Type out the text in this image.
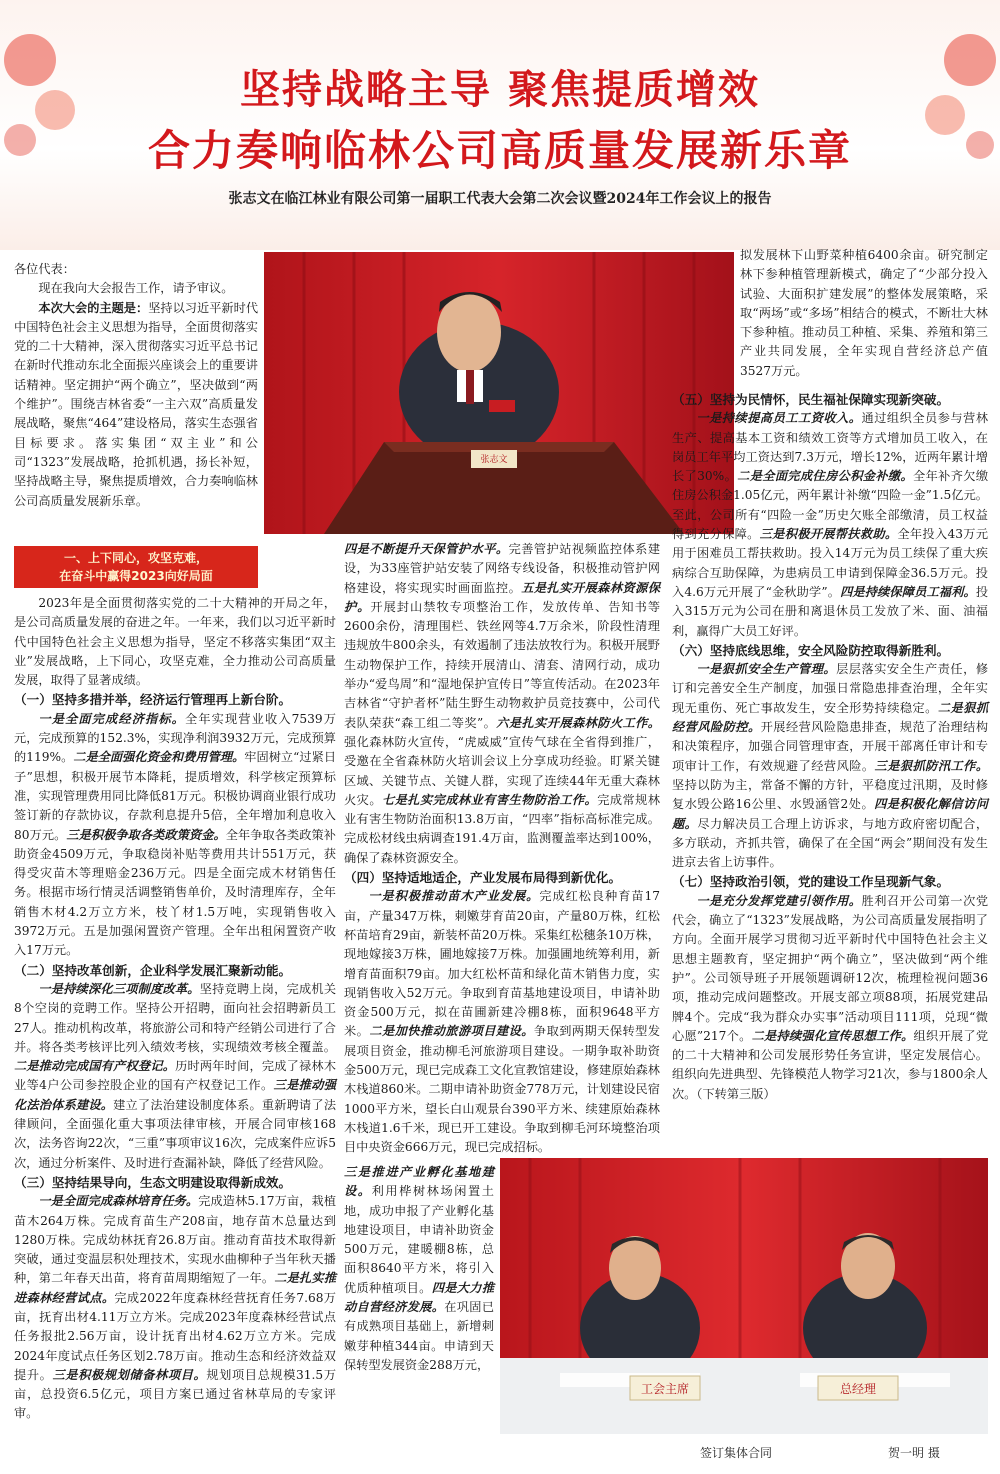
坚持战略主导 聚焦提质增效
合力奏响临林公司高质量发展新乐章
张志文在临江林业有限公司第一届职工代表大会第二次会议暨2024年工作会议上的报告

各位代表：

现在我向大会报告工作，请予审议。

本次大会的主题是：坚持以习近平新时代中国特色社会主义思想为指导，全面贯彻落实党的二十大精神，深入贯彻落实习近平总书记在新时代推动东北全面振兴座谈会上的重要讲话精神。坚定拥护“两个确立”，坚决做到“两个维护”。围绕吉林省委“一主六双”高质量发展战略，聚焦“464”建设格局，落实生态强省目标要求。落实集团“双主业”和公司“1323”发展战略，抢抓机遇，扬长补短，坚持战略主导，聚焦提质增效，合力奏响临林公司高质量发展新乐章。

一、上下同心，攻坚克难，
在奋斗中赢得2023向好局面

2023年是全面贯彻落实党的二十大精神的开局之年，是公司高质量发展的奋进之年。一年来，我们以习近平新时代中国特色社会主义思想为指导，坚定不移落实集团“双主业”发展战略，上下同心，攻坚克难，全力推动公司高质量发展，取得了显著成绩。

（一）坚持多措并举，经济运行管理再上新台阶。

一是全面完成经济指标。全年实现营业收入7539万元，完成预算的152.3%，实现净利润3932万元，完成预算的119%。二是全面强化资金和费用管理。牢固树立“过紧日子”思想，积极开展节本降耗，提质增效，科学核定预算标准，实现管理费用同比降低81万元。积极协调商业银行成功签订新的存款协议，存款利息提升5倍，全年增加利息收入80万元。三是积极争取各类政策资金。全年争取各类政策补助资金4509万元，争取稳岗补贴等费用共计551万元，获得受灾苗木等理赔金236万元。四是全面完成木材销售任务。根据市场行情灵活调整销售单价，及时清理库存，全年销售木材4.2万立方米，枝丫材1.5万吨，实现销售收入3972万元。五是加强闲置资产管理。全年出租闲置资产收入17万元。

（二）坚持改革创新，企业科学发展汇聚新动能。

一是持续深化三项制度改革。坚持竞聘上岗，完成机关8个空岗的竞聘工作。坚持公开招聘，面向社会招聘新员工27人。推动机构改革，将旅游公司和特产经销公司进行了合并。将各类考核评比列入绩效考核，实现绩效考核全覆盖。二是推动完成国有产权登记。历时两年时间，完成了禄林木业等4户公司参控股企业的国有产权登记工作。三是推动强化法治体系建设。建立了法治建设制度体系。重新聘请了法律顾问，全面强化重大事项法律审核，开展合同审核168次，法务咨询22次，“三重”事项审议16次，完成案件应诉5次，通过分析案件、及时进行查漏补缺，降低了经营风险。

（三）坚持结果导向，生态文明建设取得新成效。

一是全面完成森林培育任务。完成造林5.17万亩，栽植苗木264万株。完成育苗生产208亩，地存苗木总量达到1280万株。完成幼林抚育26.8万亩。推动育苗技术取得新突破，通过变温层积处理技术，实现水曲柳种子当年秋天播种，第二年春天出苗，将育苗周期缩短了一年。二是扎实推进森林经营试点。完成2022年度森林经营抚育任务7.68万亩，抚育出材4.11万立方米。完成2023年度森林经营试点任务报批2.56万亩，设计抚育出材4.62万立方米。完成2024年度试点任务区划2.78万亩。推动生态和经济效益双提升。三是积极规划储备林项目。规划项目总规模31.5万亩，总投资6.5亿元，项目方案已通过省林草局的专家评审。

张志文

四是不断提升天保管护水平。完善管护站视频监控体系建设，为33座管护站安装了网络专线设备，积极推动管护网格建设，将实现实时画面监控。五是扎实开展森林资源保护。开展封山禁牧专项整治工作，发放传单、告知书等2600余份，清理围栏、铁丝网等4.7万余米，阶段性清理违规放牛800余头，有效遏制了违法放牧行为。积极开展野生动物保护工作，持续开展清山、清套、清网行动，成功举办“爱鸟周”和“湿地保护宣传日”等宣传活动。在2023年吉林省“守护者杯”陆生野生动物救护员竞技赛中，公司代表队荣获“森工组二等奖”。六是扎实开展森林防火工作。强化森林防火宣传，“虎威威”宣传气球在全省得到推广，受邀在全省森林防火培训会议上分享成功经验。盯紧关键区域、关键节点、关键人群，实现了连续44年无重大森林火灾。七是扎实完成林业有害生物防治工作。完成常规林业有害生物防治面积13.8万亩，“四率”指标高标准完成。完成松材线虫病调查191.4万亩，监测覆盖率达到100%，确保了森林资源安全。

（四）坚持适地适企，产业发展布局得到新优化。

一是积极推动苗木产业发展。完成红松良种育苗17亩，产量347万株，刺嫩芽育苗20亩，产量80万株，红松杯苗培育29亩，新装杯苗20万株。采集红松穗条10万株，现地嫁接3万株，圃地嫁接7万株。加强圃地统筹利用，新增育苗面积79亩。加大红松杯苗和绿化苗木销售力度，实现销售收入52万元。争取到育苗基地建设项目，申请补助资金500万元，拟在苗圃新建冷棚8栋，面积9648平方米。二是加快推动旅游项目建设。争取到两期天保转型发展项目资金，推动柳毛河旅游项目建设。一期争取补助资金500万元，现已完成森工文化宣教馆建设，修建原始森林木栈道860米。二期申请补助资金778万元，计划建设民宿1000平方米，望长白山观景台390平方米、续建原始森林木栈道1.6千米，现已开工建设。争取到柳毛河环境整治项目中央资金666万元，现已完成招标。

三是推进产业孵化基地建设。利用桦树林场闲置土地，成功申报了产业孵化基地建设项目，申请补助资金500万元，建暖棚8栋，总面积8640平方米，将引入优质种植项目。四是大力推动自营经济发展。在巩固已有成熟项目基础上，新增刺嫩芽种植344亩。申请到天保转型发展资金288万元，

拟发展林下山野菜种植6400余亩。研究制定林下参种植管理新模式，确定了“少部分投入试验、大面积扩建发展”的整体发展策略，采取“两场”或“多场”相结合的模式，不断壮大林下参种植。推动员工种植、采集、养殖和第三产业共同发展，全年实现自营经济总产值3527万元。

（五）坚持为民情怀，民生福祉保障实现新突破。

一是持续提高员工工资收入。通过组织全员参与营林生产、提高基本工资和绩效工资等方式增加员工收入，在岗员工年平均工资达到7.3万元，增长12%，近两年累计增长了30%。二是全面完成住房公积金补缴。全年补齐欠缴住房公积金1.05亿元，两年累计补缴“四险一金”1.5亿元。至此，公司所有“四险一金”历史欠账全部缴清，员工权益得到充分保障。三是积极开展帮扶救助。全年投入43万元用于困难员工帮扶救助。投入14万元为员工续保了重大疾病综合互助保障，为患病员工申请到保障金36.5万元。投入4.6万元开展了“金秋助学”。四是持续保障员工福利。投入315万元为公司在册和离退休员工发放了米、面、油福利，赢得广大员工好评。

（六）坚持底线思维，安全风险防控取得新胜利。

一是狠抓安全生产管理。层层落实安全生产责任，修订和完善安全生产制度，加强日常隐患排查治理，全年实现无重伤、死亡事故发生，安全形势持续稳定。二是狠抓经营风险防控。开展经营风险隐患排查，规范了治理结构和决策程序，加强合同管理审查，开展干部离任审计和专项审计工作，有效规避了经营风险。三是狠抓防汛工作。坚持以防为主，常备不懈的方针，平稳度过汛期，及时修复水毁公路16公里、水毁涵管2处。四是积极化解信访问题。尽力解决员工合理上访诉求，与地方政府密切配合，多方联动，齐抓共管，确保了在全国“两会”期间没有发生进京去省上访事件。

（七）坚持政治引领，党的建设工作呈现新气象。

一是充分发挥党建引领作用。胜利召开公司第一次党代会，确立了“1323”发展战略，为公司高质量发展指明了方向。全面开展学习贯彻习近平新时代中国特色社会主义思想主题教育，坚定拥护“两个确立”，坚决做到“两个维护”。公司领导班子开展领题调研12次，梳理检视问题36项，推动完成问题整改。开展支部立项88项，拓展党建品牌4个。完成“我为群众办实事”活动项目111项，兑现“微心愿”217个。二是持续强化宣传思想工作。组织开展了党的二十大精神和公司发展形势任务宣讲，坚定发展信心。组织向先进典型、先锋模范人物学习21次，参与1800余人次。（下转第三版）

工会主席	总经理
签订集体合同	贺一明 摄
